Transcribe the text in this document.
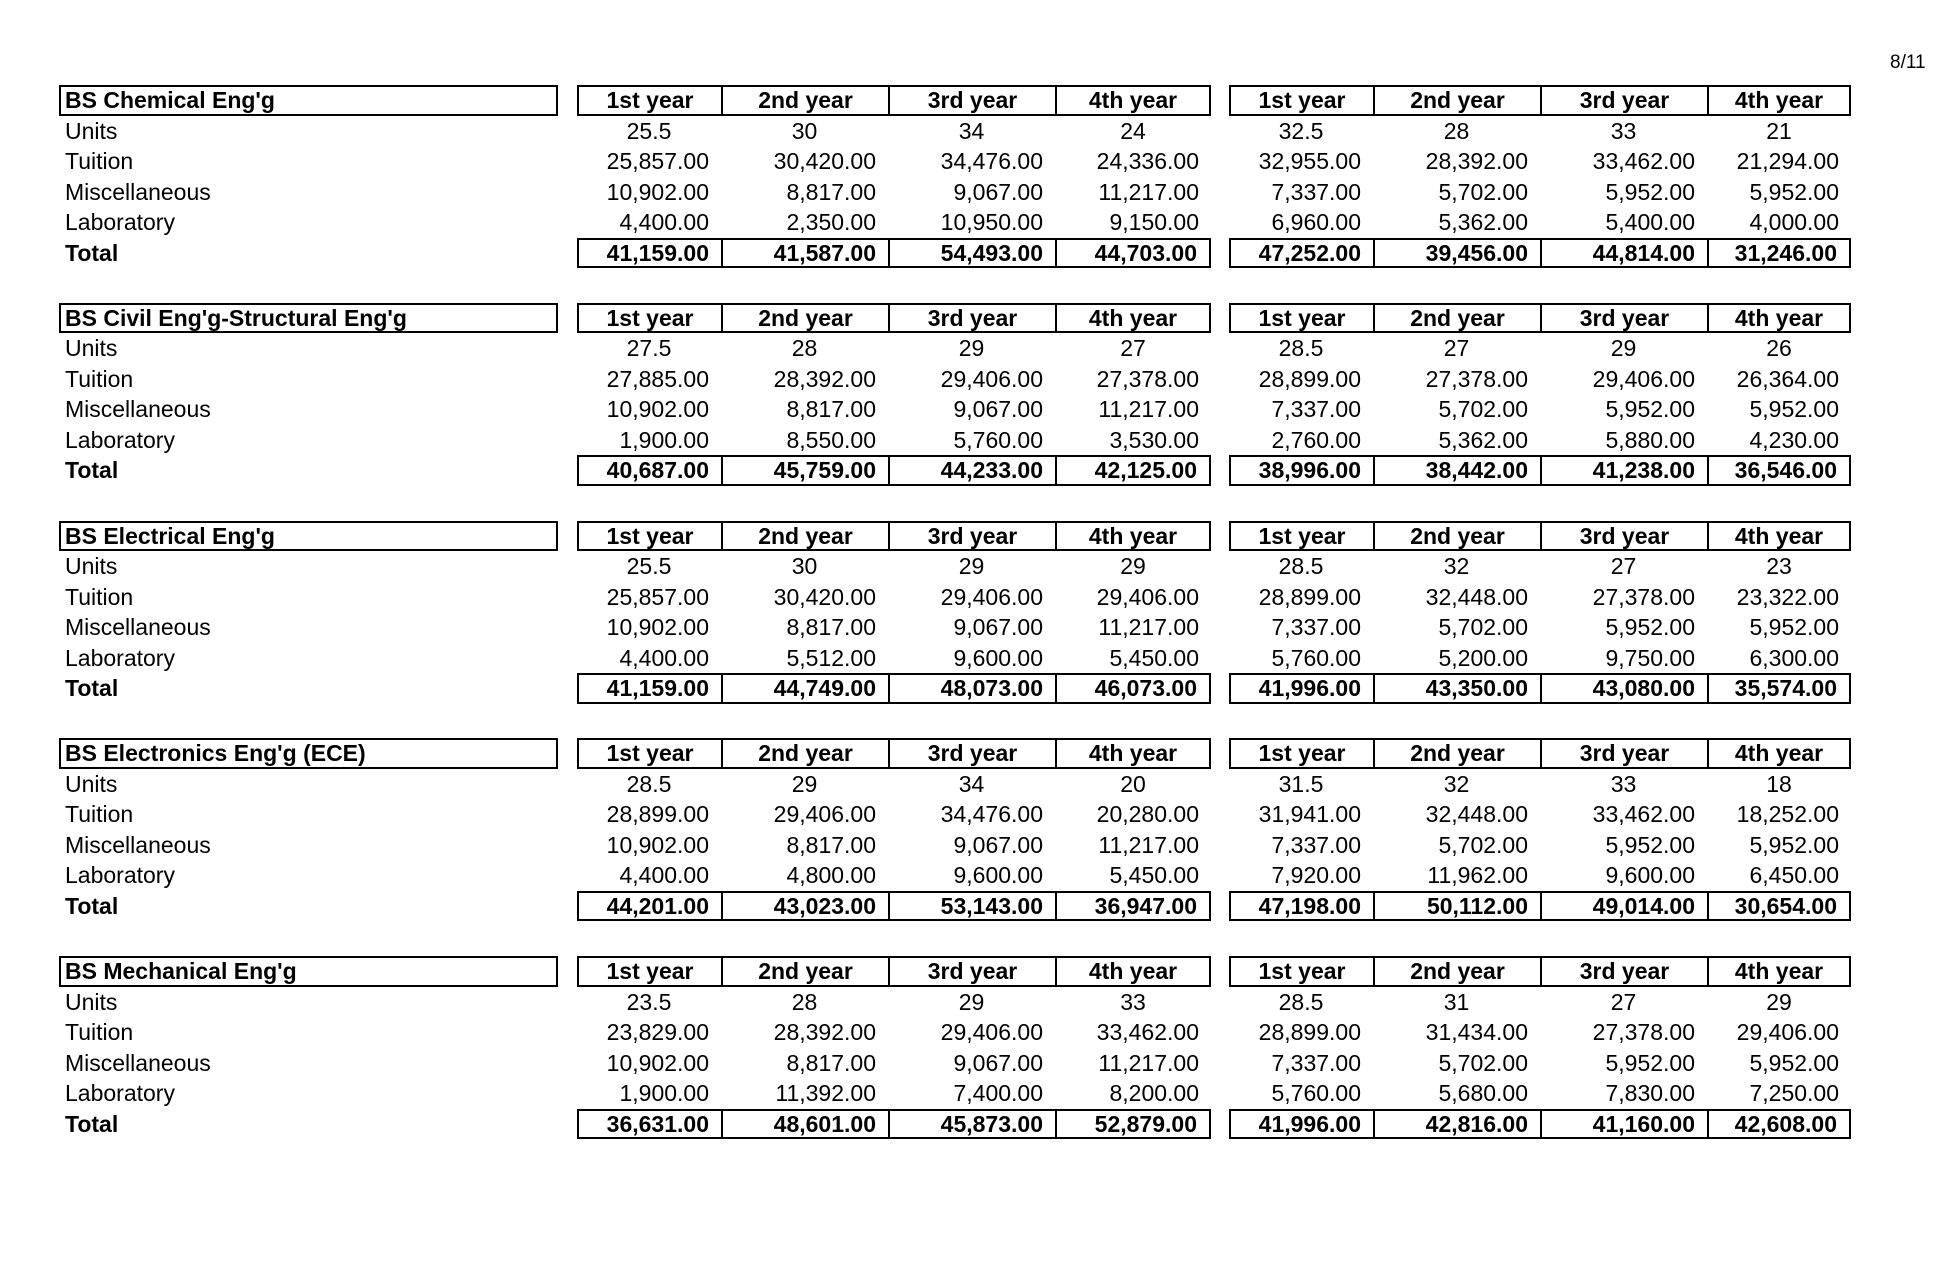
8/11
BS Chemical Eng'g	1st year	2nd year	3rd year	4th year	1st year	2nd year	3rd year	4th year
Units	25.5	30	34	24	32.5	28	33	21
Tuition	25,857.00	30,420.00	34,476.00	24,336.00	32,955.00	28,392.00	33,462.00	21,294.00
Miscellaneous	10,902.00	8,817.00	9,067.00	11,217.00	7,337.00	5,702.00	5,952.00	5,952.00
Laboratory	4,400.00	2,350.00	10,950.00	9,150.00	6,960.00	5,362.00	5,400.00	4,000.00
Total	41,159.00	41,587.00	54,493.00	44,703.00	47,252.00	39,456.00	44,814.00	31,246.00
BS Civil Eng'g-Structural Eng'g	1st year	2nd year	3rd year	4th year	1st year	2nd year	3rd year	4th year
Units	27.5	28	29	27	28.5	27	29	26
Tuition	27,885.00	28,392.00	29,406.00	27,378.00	28,899.00	27,378.00	29,406.00	26,364.00
Miscellaneous	10,902.00	8,817.00	9,067.00	11,217.00	7,337.00	5,702.00	5,952.00	5,952.00
Laboratory	1,900.00	8,550.00	5,760.00	3,530.00	2,760.00	5,362.00	5,880.00	4,230.00
Total	40,687.00	45,759.00	44,233.00	42,125.00	38,996.00	38,442.00	41,238.00	36,546.00
BS Electrical Eng'g	1st year	2nd year	3rd year	4th year	1st year	2nd year	3rd year	4th year
Units	25.5	30	29	29	28.5	32	27	23
Tuition	25,857.00	30,420.00	29,406.00	29,406.00	28,899.00	32,448.00	27,378.00	23,322.00
Miscellaneous	10,902.00	8,817.00	9,067.00	11,217.00	7,337.00	5,702.00	5,952.00	5,952.00
Laboratory	4,400.00	5,512.00	9,600.00	5,450.00	5,760.00	5,200.00	9,750.00	6,300.00
Total	41,159.00	44,749.00	48,073.00	46,073.00	41,996.00	43,350.00	43,080.00	35,574.00
BS Electronics Eng'g (ECE)	1st year	2nd year	3rd year	4th year	1st year	2nd year	3rd year	4th year
Units	28.5	29	34	20	31.5	32	33	18
Tuition	28,899.00	29,406.00	34,476.00	20,280.00	31,941.00	32,448.00	33,462.00	18,252.00
Miscellaneous	10,902.00	8,817.00	9,067.00	11,217.00	7,337.00	5,702.00	5,952.00	5,952.00
Laboratory	4,400.00	4,800.00	9,600.00	5,450.00	7,920.00	11,962.00	9,600.00	6,450.00
Total	44,201.00	43,023.00	53,143.00	36,947.00	47,198.00	50,112.00	49,014.00	30,654.00
BS Mechanical Eng'g	1st year	2nd year	3rd year	4th year	1st year	2nd year	3rd year	4th year
Units	23.5	28	29	33	28.5	31	27	29
Tuition	23,829.00	28,392.00	29,406.00	33,462.00	28,899.00	31,434.00	27,378.00	29,406.00
Miscellaneous	10,902.00	8,817.00	9,067.00	11,217.00	7,337.00	5,702.00	5,952.00	5,952.00
Laboratory	1,900.00	11,392.00	7,400.00	8,200.00	5,760.00	5,680.00	7,830.00	7,250.00
Total	36,631.00	48,601.00	45,873.00	52,879.00	41,996.00	42,816.00	41,160.00	42,608.00
